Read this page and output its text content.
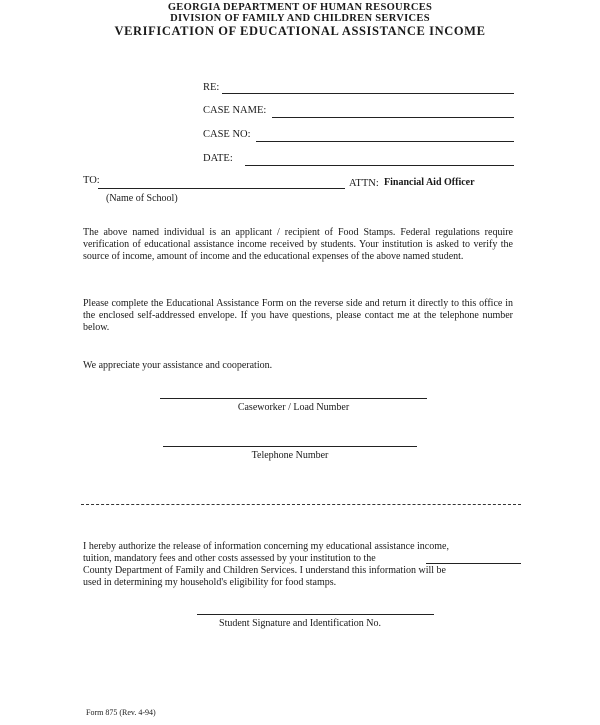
GEORGIA DEPARTMENT OF HUMAN RESOURCES
DIVISION OF FAMILY AND CHILDREN SERVICES
VERIFICATION OF EDUCATIONAL ASSISTANCE INCOME
RE:
CASE NAME:
CASE NO:
DATE:
TO:	ATTN: Financial Aid Officer
(Name of School)
The above named individual is an applicant / recipient of Food Stamps. Federal regulations require verification of educational assistance income received by students. Your institution is asked to verify the source of income, amount of income and the educational expenses of the above named student.
Please complete the Educational Assistance Form on the reverse side and return it directly to this office in the enclosed self-addressed envelope. If you have questions, please contact me at the telephone number below.
We appreciate your assistance and cooperation.
Caseworker / Load Number
Telephone Number
I hereby authorize the release of information concerning my educational assistance income,
tuition, mandatory fees and other costs assessed by your institution to the
County Department of Family and Children Services. I understand this information will be
used in determining my household's eligibility for food stamps.
Student Signature and Identification No.
Form 875 (Rev. 4-94)
